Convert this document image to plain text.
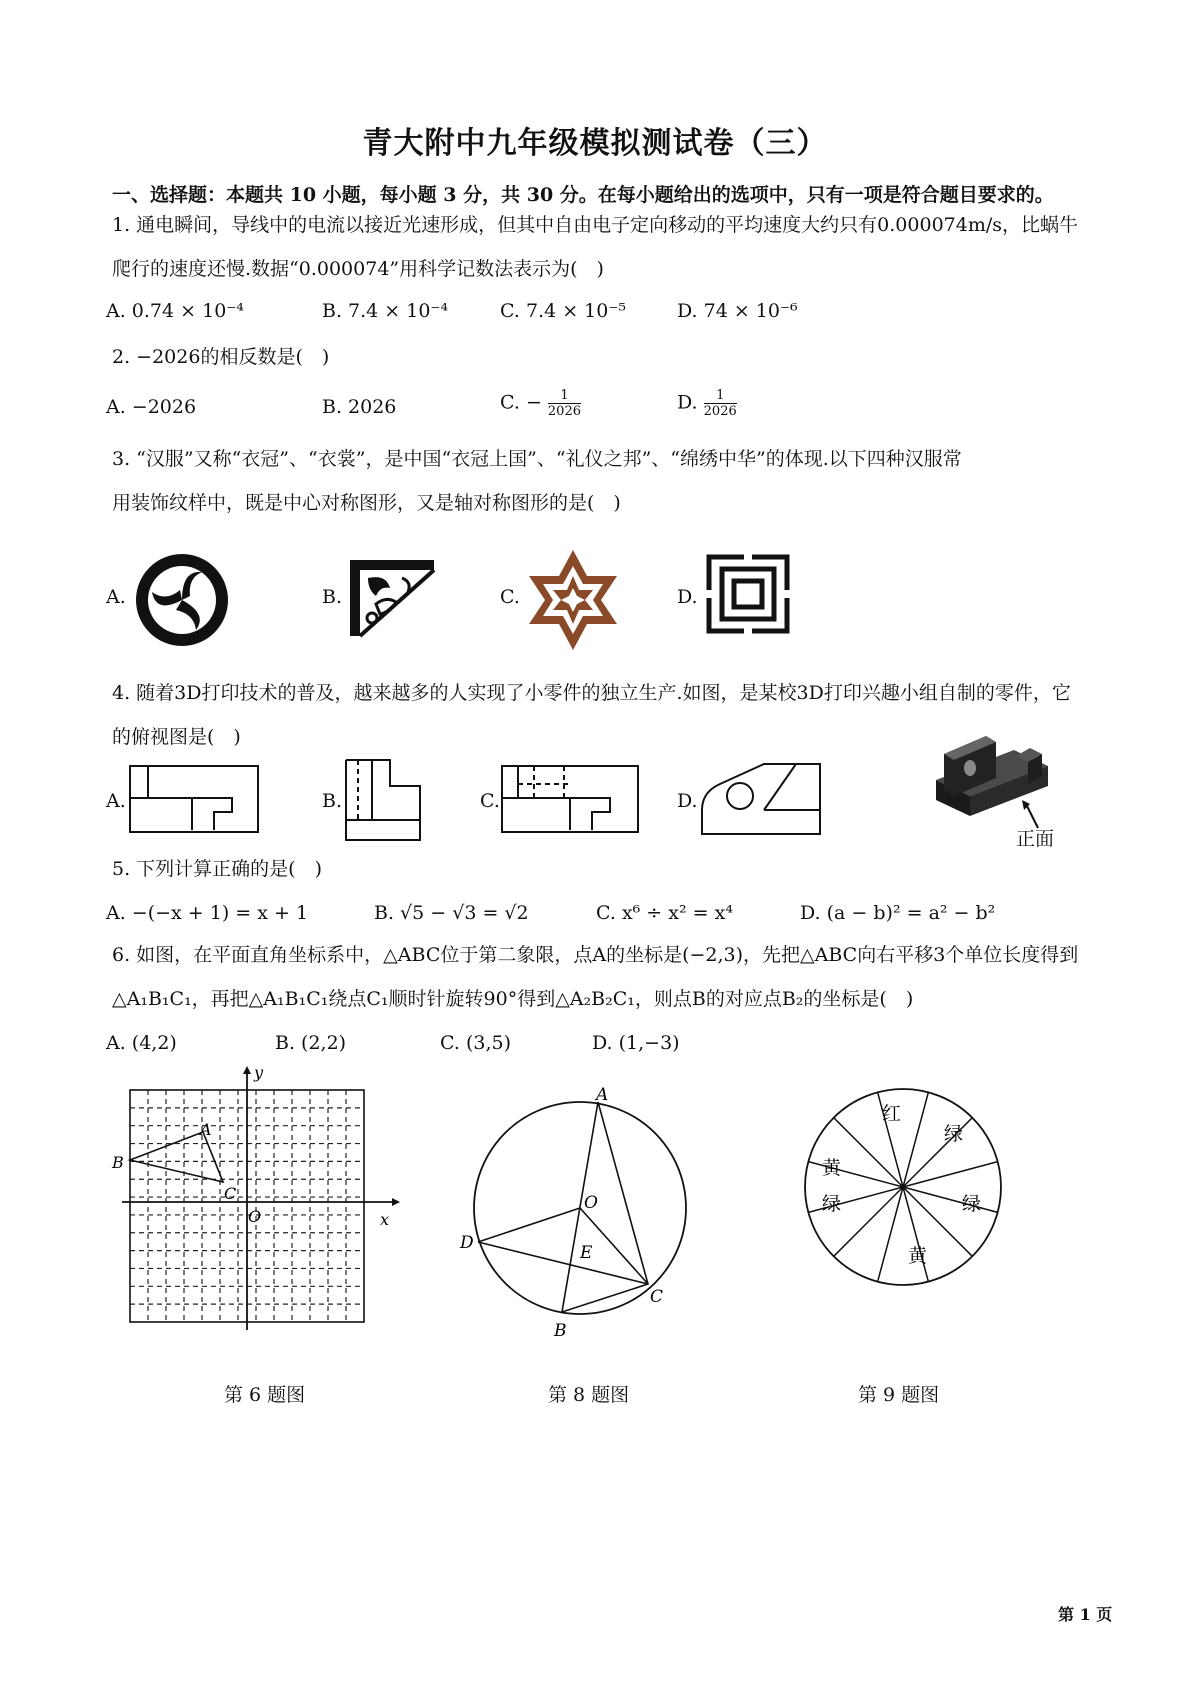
青大附中九年级模拟测试卷（三）
一、选择题：本题共 10 小题，每小题 3 分，共 30 分。在每小题给出的选项中，只有一项是符合题目要求的。
1. 通电瞬间，导线中的电流以接近光速形成，但其中自由电子定向移动的平均速度大约只有0.000074m/s，比蜗牛
爬行的速度还慢.数据“0.000074”用科学记数法表示为(　)
A. 0.74 × 10⁻⁴	B. 7.4 × 10⁻⁴	C. 7.4 × 10⁻⁵	D. 74 × 10⁻⁶
2. −2026的相反数是(　)
A. −2026	B. 2026	C. − $\frac{1}{2026}$	D. $\frac{1}{2026}$
3. “汉服”又称“衣冠”、“衣裳”，是中国“衣冠上国”、“礼仪之邦”、“绵绣中华”的体现.以下四种汉服常
用装饰纹样中，既是中心对称图形，又是轴对称图形的是(　)
A.	B.	C.	D.
4. 随着3D打印技术的普及，越来越多的人实现了小零件的独立生产.如图，是某校3D打印兴趣小组自制的零件，它
的俯视图是(　)
A.	B.	C.	D.
正面
5. 下列计算正确的是(　)
A. −(−x + 1) = x + 1	B. √5 − √3 = √2	C. x⁶ ÷ x² = x⁴	D. (a − b)² = a² − b²
6. 如图，在平面直角坐标系中，△ABC位于第二象限，点A的坐标是(−2,3)，先把△ABC向右平移3个单位长度得到
△A₁B₁C₁，再把△A₁B₁C₁绕点C₁顺时针旋转90°得到△A₂B₂C₁，则点B的对应点B₂的坐标是(　)
A. (4,2)	B. (2,2)	C. (3,5)	D. (1,−3)
A
B
C
O	x
y
第 6 题图
A
B
C
D	E
O
第 8 题图
红
绿
黄
绿	绿
黄
第 9 题图
第 1 页
